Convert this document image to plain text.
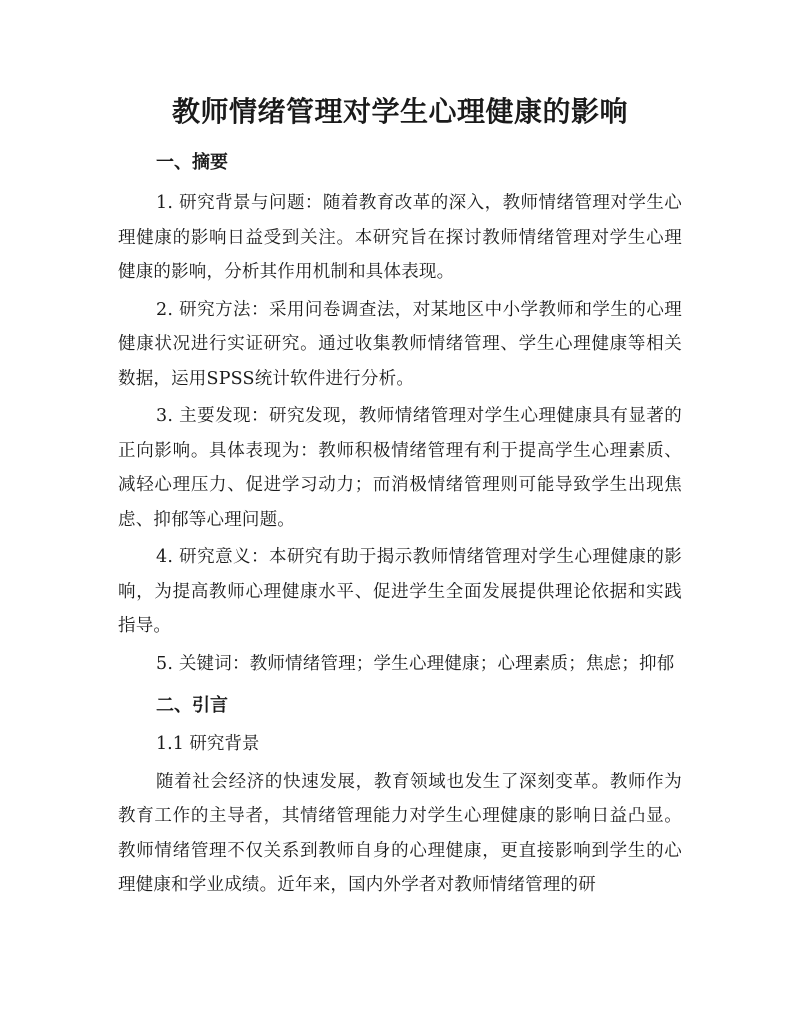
教师情绪管理对学生心理健康的影响
一、摘要

1. 研究背景与问题：随着教育改革的深入，教师情绪管理对学生心理健康的影响日益受到关注。本研究旨在探讨教师情绪管理对学生心理健康的影响，分析其作用机制和具体表现。

2. 研究方法：采用问卷调查法，对某地区中小学教师和学生的心理健康状况进行实证研究。通过收集教师情绪管理、学生心理健康等相关数据，运用SPSS统计软件进行分析。

3. 主要发现：研究发现，教师情绪管理对学生心理健康具有显著的正向影响。具体表现为：教师积极情绪管理有利于提高学生心理素质、减轻心理压力、促进学习动力；而消极情绪管理则可能导致学生出现焦虑、抑郁等心理问题。

4. 研究意义：本研究有助于揭示教师情绪管理对学生心理健康的影响，为提高教师心理健康水平、促进学生全面发展提供理论依据和实践指导。

5. 关键词：教师情绪管理；学生心理健康；心理素质；焦虑；抑郁

二、引言

1.1 研究背景

随着社会经济的快速发展，教育领域也发生了深刻变革。教师作为教育工作的主导者，其情绪管理能力对学生心理健康的影响日益凸显。教师情绪管理不仅关系到教师自身的心理健康，更直接影响到学生的心理健康和学业成绩。近年来，国内外学者对教师情绪管理的研
